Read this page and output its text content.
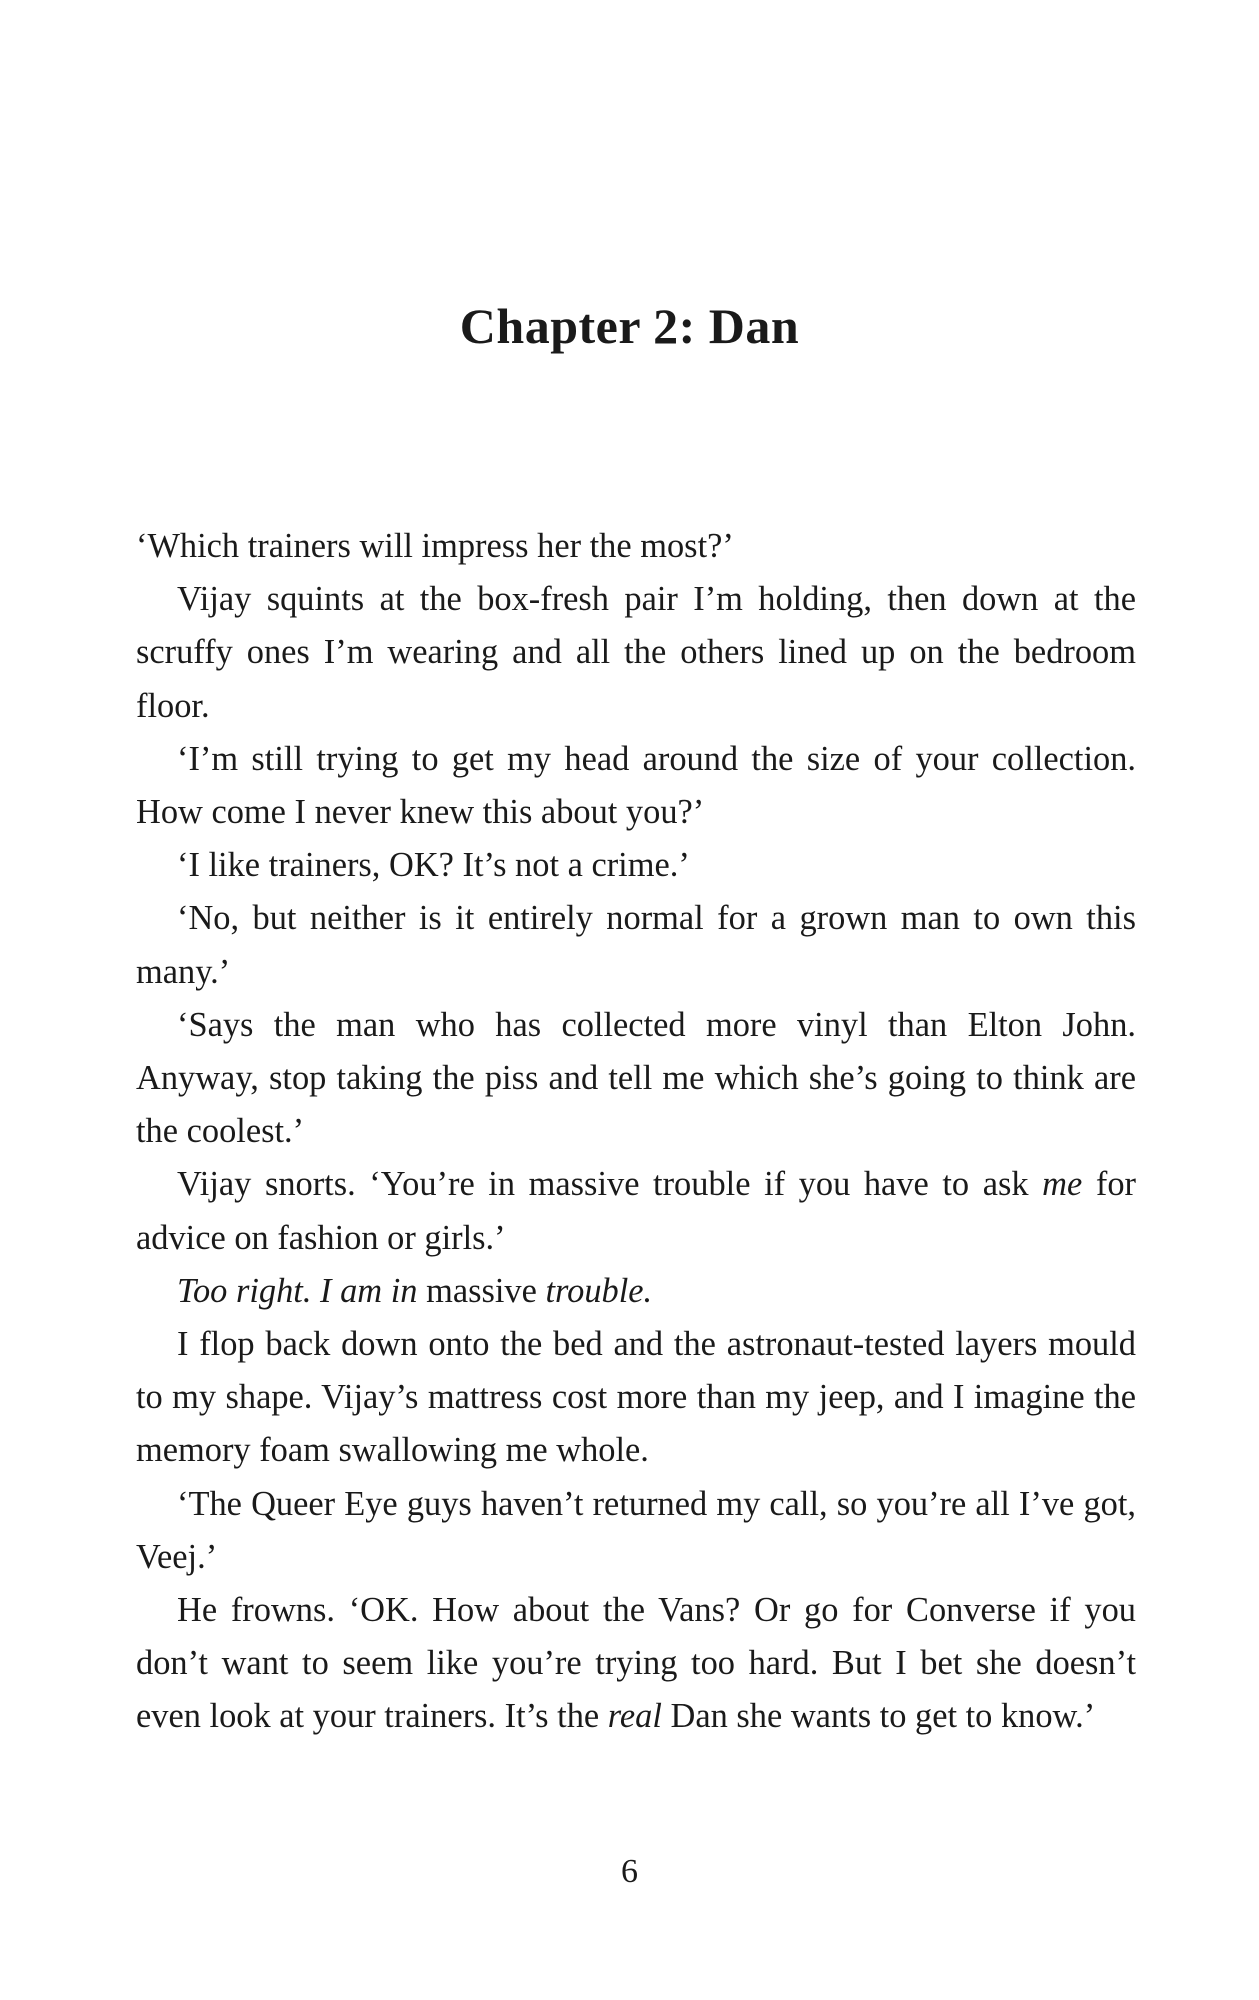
Chapter 2: Dan

‘Which trainers will impress her the most?’

Vijay squints at the box-fresh pair I’m holding, then down at the scruffy ones I’m wearing and all the others lined up on the bedroom floor.

‘I’m still trying to get my head around the size of your collection. How come I never knew this about you?’

‘I like trainers, OK? It’s not a crime.’

‘No, but neither is it entirely normal for a grown man to own this many.’

‘Says the man who has collected more vinyl than Elton John. Anyway, stop taking the piss and tell me which she’s going to think are the coolest.’

Vijay snorts. ‘You’re in massive trouble if you have to ask me for advice on fashion or girls.’

Too right. I am in massive trouble.

I flop back down onto the bed and the astronaut-tested layers mould to my shape. Vijay’s mattress cost more than my jeep, and I imagine the memory foam swallowing me whole.

‘The Queer Eye guys haven’t returned my call, so you’re all I’ve got, Veej.’

He frowns. ‘OK. How about the Vans? Or go for Converse if you don’t want to seem like you’re trying too hard. But I bet she doesn’t even look at your trainers. It’s the real Dan she wants to get to know.’

6
